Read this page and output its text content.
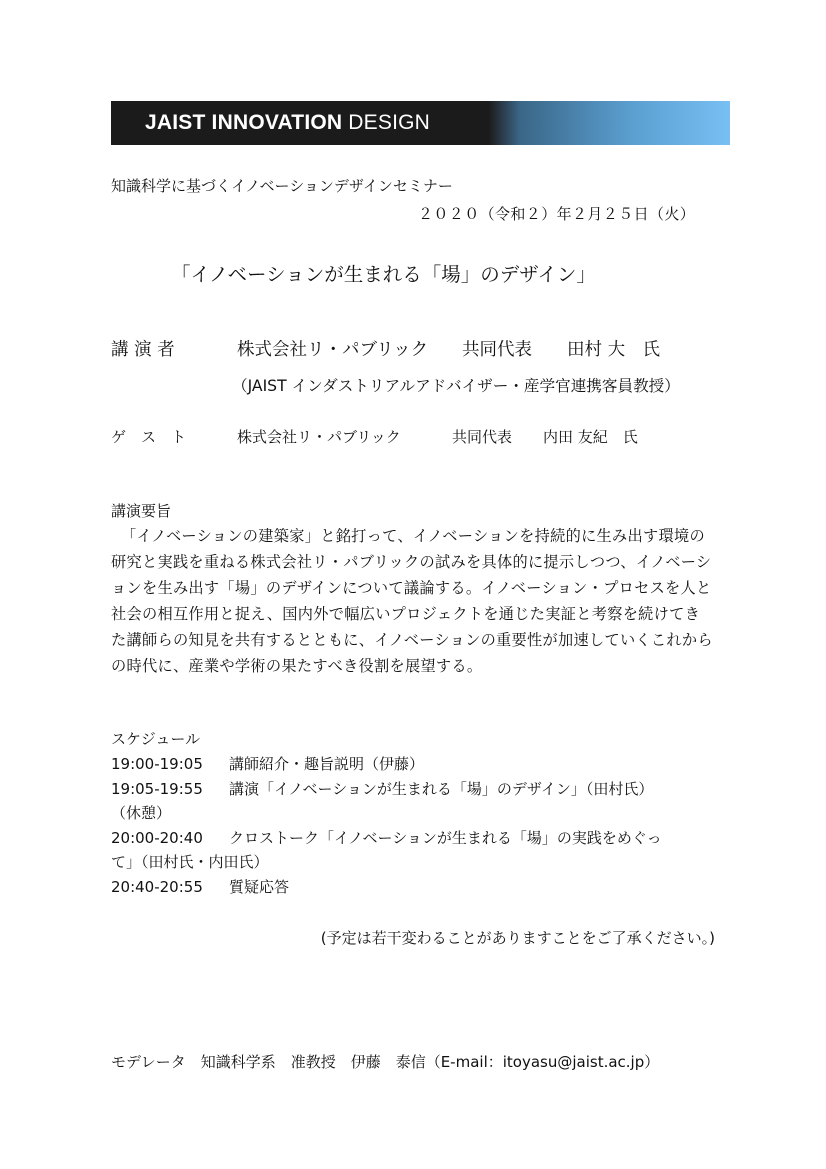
JAIST INNOVATION DESIGN
知識科学に基づくイノベーションデザインセミナー
２０２０（令和２）年２月２５日（火）
「イノベーションが生まれる「場」のデザイン」
講 演 者	株式会社リ・パブリック 共同代表 田村 大　氏
（JAIST インダストリアルアドバイザー・産学官連携客員教授）
ゲ　ス　ト	株式会社リ・パブリック	共同代表 内田 友紀　氏
講演要旨
「イノベーションの建築家」と銘打って、イノベーションを持続的に生み出す環境の研究と実践を重ねる株式会社リ・パブリックの試みを具体的に提示しつつ、イノベーションを生み出す「場」のデザインについて議論する。イノベーション・プロセスを人と社会の相互作用と捉え、国内外で幅広いプロジェクトを通じた実証と考察を続けてきた講師らの知見を共有するとともに、イノベーションの重要性が加速していくこれからの時代に、産業や学術の果たすべき役割を展望する。
スケジュール
19:00-19:05 講師紹介・趣旨説明（伊藤）
19:05-19:55 講演「イノベーションが生まれる「場」のデザイン」（田村氏）
（休憩）
20:00-20:40 クロストーク「イノベーションが生まれる「場」の実践をめぐっ
て」（田村氏・内田氏）
20:40-20:55 質疑応答
(予定は若干変わることがありますことをご了承ください。)
モデレータ　知識科学系　准教授　伊藤　泰信（E-mail：itoyasu@jaist.ac.jp）
